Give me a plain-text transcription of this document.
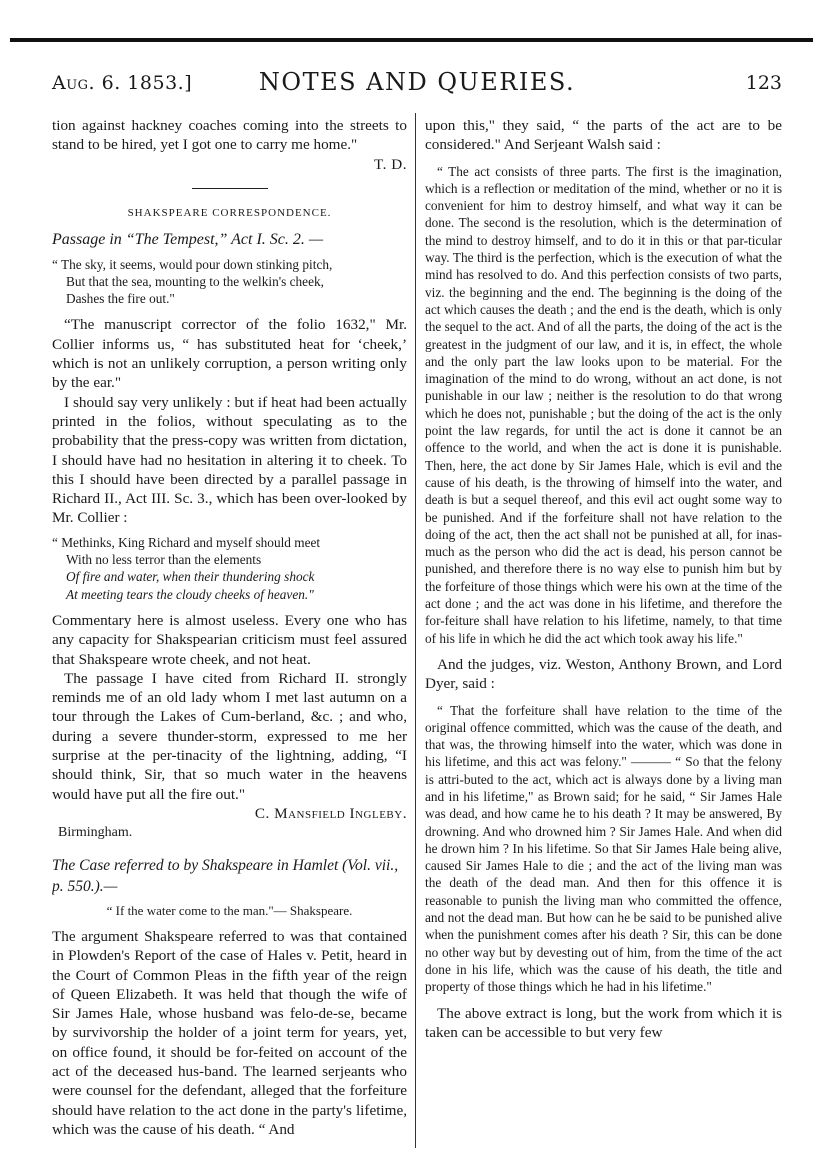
Aug. 6. 1853.]	NOTES AND QUERIES.	123

tion against hackney coaches coming into the streets to stand to be hired, yet I got one to carry me home."

T. D.
SHAKSPEARE CORRESPONDENCE.
Passage in “The Tempest,” Act I. Sc. 2. —
“ The sky, it seems, would pour down stinking pitch,
But that the sea, mounting to the welkin's cheek,
Dashes the fire out."

“The manuscript corrector of the folio 1632," Mr. Collier informs us, “ has substituted heat for ‘cheek,’ which is not an unlikely corruption, a person writing only by the ear."

I should say very unlikely : but if heat had been actually printed in the folios, without speculating as to the probability that the press-copy was written from dictation, I should have had no hesitation in altering it to cheek. To this I should have been directed by a parallel passage in Richard II., Act III. Sc. 3., which has been over-looked by Mr. Collier :

“ Methinks, King Richard and myself should meet
With no less terror than the elements
Of fire and water, when their thundering shock
At meeting tears the cloudy cheeks of heaven."

Commentary here is almost useless. Every one who has any capacity for Shakspearian criticism must feel assured that Shakspeare wrote cheek, and not heat.

The passage I have cited from Richard II. strongly reminds me of an old lady whom I met last autumn on a tour through the Lakes of Cum-berland, &c. ; and who, during a severe thunder-storm, expressed to me her surprise at the per-tinacity of the lightning, adding, “I should think, Sir, that so much water in the heavens would have put all the fire out."

C. Mansfield Ingleby.
Birmingham.
The Case referred to by Shakspeare in Hamlet (Vol. vii., p. 550.).—
“ If the water come to the man."— Shakspeare.

The argument Shakspeare referred to was that contained in Plowden's Report of the case of Hales v. Petit, heard in the Court of Common Pleas in the fifth year of the reign of Queen Elizabeth. It was held that though the wife of Sir James Hale, whose husband was felo-de-se, became by survivorship the holder of a joint term for years, yet, on office found, it should be for-feited on account of the act of the deceased hus-band. The learned serjeants who were counsel for the defendant, alleged that the forfeiture should have relation to the act done in the party's lifetime, which was the cause of his death. “ And

upon this," they said, “ the parts of the act are to be considered." And Serjeant Walsh said :

“ The act consists of three parts. The first is the imagination, which is a reflection or meditation of the mind, whether or no it is convenient for him to destroy himself, and what way it can be done. The second is the resolution, which is the determination of the mind to destroy himself, and to do it in this or that par-ticular way. The third is the perfection, which is the execution of what the mind has resolved to do. And this perfection consists of two parts, viz. the beginning and the end. The beginning is the doing of the act which causes the death ; and the end is the death, which is only the sequel to the act. And of all the parts, the doing of the act is the greatest in the judgment of our law, and it is, in effect, the whole and the only part the law looks upon to be material. For the imagination of the mind to do wrong, without an act done, is not punishable in our law ; neither is the resolution to do that wrong which he does not, punishable ; but the doing of the act is the only point the law regards, for until the act is done it cannot be an offence to the world, and when the act is done it is punishable. Then, here, the act done by Sir James Hale, which is evil and the cause of his death, is the throwing of himself into the water, and death is but a sequel thereof, and this evil act ought some way to be punished. And if the forfeiture shall not have relation to the doing of the act, then the act shall not be punished at all, for inas-much as the person who did the act is dead, his person cannot be punished, and therefore there is no way else to punish him but by the forfeiture of those things which were his own at the time of the act done ; and the act was done in his lifetime, and therefore the for-feiture shall have relation to his lifetime, namely, to that time of his life in which he did the act which took away his life."

And the judges, viz. Weston, Anthony Brown, and Lord Dyer, said :

“ That the forfeiture shall have relation to the time of the original offence committed, which was the cause of the death, and that was, the throwing himself into the water, which was done in his lifetime, and this act was felony." ——— “ So that the felony is attri-buted to the act, which act is always done by a living man and in his lifetime," as Brown said; for he said, “ Sir James Hale was dead, and how came he to his death ? It may be answered, By drowning. And who drowned him ? Sir James Hale. And when did he drown him ? In his lifetime. So that Sir James Hale being alive, caused Sir James Hale to die ; and the act of the living man was the death of the dead man. And then for this offence it is reasonable to punish the living man who committed the offence, and not the dead man. But how can he be said to be punished alive when the punishment comes after his death ? Sir, this can be done no other way but by devesting out of him, from the time of the act done in his life, which was the cause of his death, the title and property of those things which he had in his lifetime."

The above extract is long, but the work from which it is taken can be accessible to but very few
